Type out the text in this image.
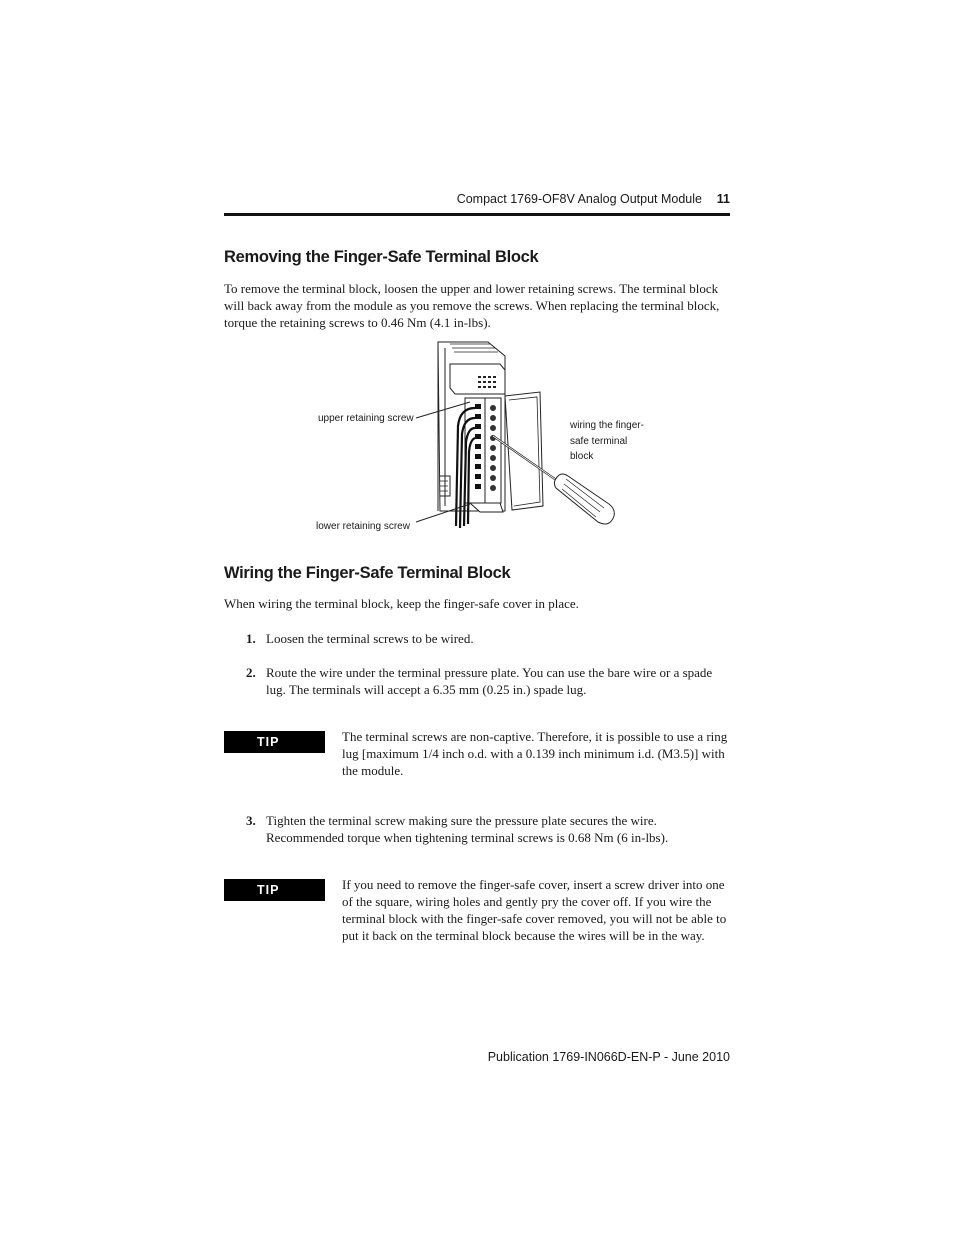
Compact 1769-OF8V Analog Output Module	11
Removing the Finger-Safe Terminal Block
To remove the terminal block, loosen the upper and lower retaining screws. The terminal block will back away from the module as you remove the screws. When replacing the terminal block, torque the retaining screws to 0.46 Nm (4.1 in-lbs).
upper retaining screw
lower retaining screw
wiring the finger-safe terminal block
Wiring the Finger-Safe Terminal Block
When wiring the terminal block, keep the finger-safe cover in place.
1. Loosen the terminal screws to be wired.
2. Route the wire under the terminal pressure plate. You can use the bare wire or a spade lug. The terminals will accept a 6.35 mm (0.25 in.) spade lug.
TIP	The terminal screws are non-captive. Therefore, it is possible to use a ring lug [maximum 1/4 inch o.d. with a 0.139 inch minimum i.d. (M3.5)] with the module.
3. Tighten the terminal screw making sure the pressure plate secures the wire. Recommended torque when tightening terminal screws is 0.68 Nm (6 in-lbs).
TIP	If you need to remove the finger-safe cover, insert a screw driver into one of the square, wiring holes and gently pry the cover off. If you wire the terminal block with the finger-safe cover removed, you will not be able to put it back on the terminal block because the wires will be in the way.
Publication 1769-IN066D-EN-P - June 2010
